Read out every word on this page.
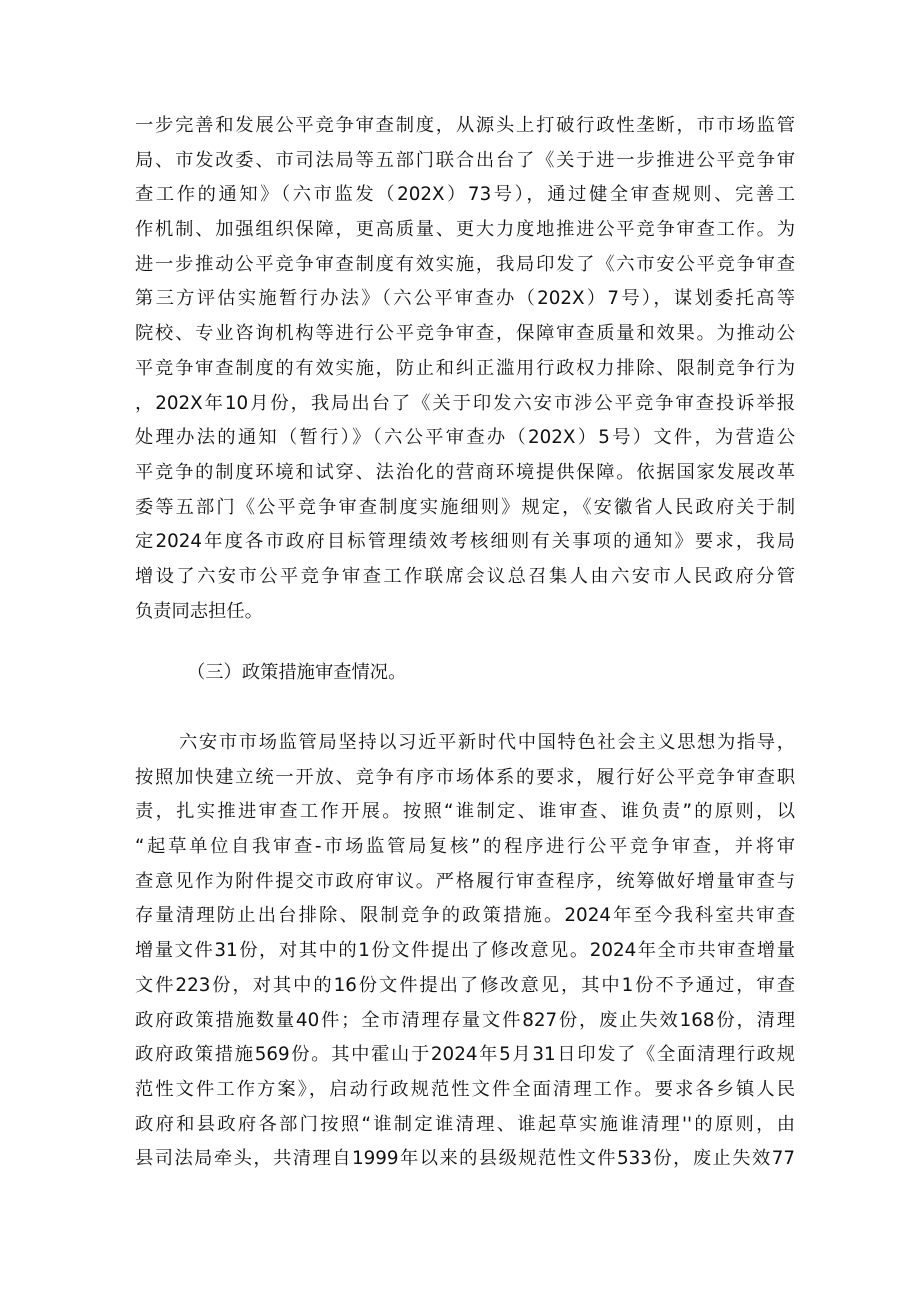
一步完善和发展公平竞争审查制度，从源头上打破行政性垄断，市市场监管
局、市发改委、市司法局等五部门联合出台了《关于进一步推进公平竞争审
查工作的通知》（六市监发（202X）73号），通过健全审查规则、完善工
作机制、加强组织保障，更高质量、更大力度地推进公平竞争审查工作。为
进一步推动公平竞争审查制度有效实施，我局印发了《六市安公平竞争审查
第三方评估实施暂行办法》（六公平审查办（202X）7号），谋划委托高等
院校、专业咨询机构等进行公平竞争审查，保障审查质量和效果。为推动公
平竞争审查制度的有效实施，防止和纠正滥用行政权力排除、限制竞争行为
，202X年10月份，我局出台了《关于印发六安市涉公平竞争审查投诉举报
处理办法的通知（暂行）》（六公平审查办（202X）5号）文件，为营造公
平竞争的制度环境和试穿、法治化的营商环境提供保障。依据国家发展改革
委等五部门《公平竞争审查制度实施细则》规定，《安徽省人民政府关于制
定2024年度各市政府目标管理绩效考核细则有关事项的通知》要求，我局
增设了六安市公平竞争审查工作联席会议总召集人由六安市人民政府分管
负责同志担任。
（三）政策措施审查情况。
六安市市场监管局坚持以习近平新时代中国特色社会主义思想为指导，
按照加快建立统一开放、竞争有序市场体系的要求，履行好公平竞争审查职
责，扎实推进审查工作开展。按照“谁制定、谁审查、谁负责”的原则，以
“起草单位自我审查-市场监管局复核”的程序进行公平竞争审查，并将审
查意见作为附件提交市政府审议。严格履行审查程序，统筹做好增量审查与
存量清理防止出台排除、限制竞争的政策措施。2024年至今我科室共审查
增量文件31份，对其中的1份文件提出了修改意见。2024年全市共审查增量
文件223份，对其中的16份文件提出了修改意见，其中1份不予通过，审查
政府政策措施数量40件；全市清理存量文件827份，废止失效168份，清理
政府政策措施569份。其中霍山于2024年5月31日印发了《全面清理行政规
范性文件工作方案》，启动行政规范性文件全面清理工作。要求各乡镇人民
政府和县政府各部门按照“谁制定谁清理、谁起草实施谁清理''的原则，由
县司法局牵头，共清理自1999年以来的县级规范性文件533份，废止失效77
